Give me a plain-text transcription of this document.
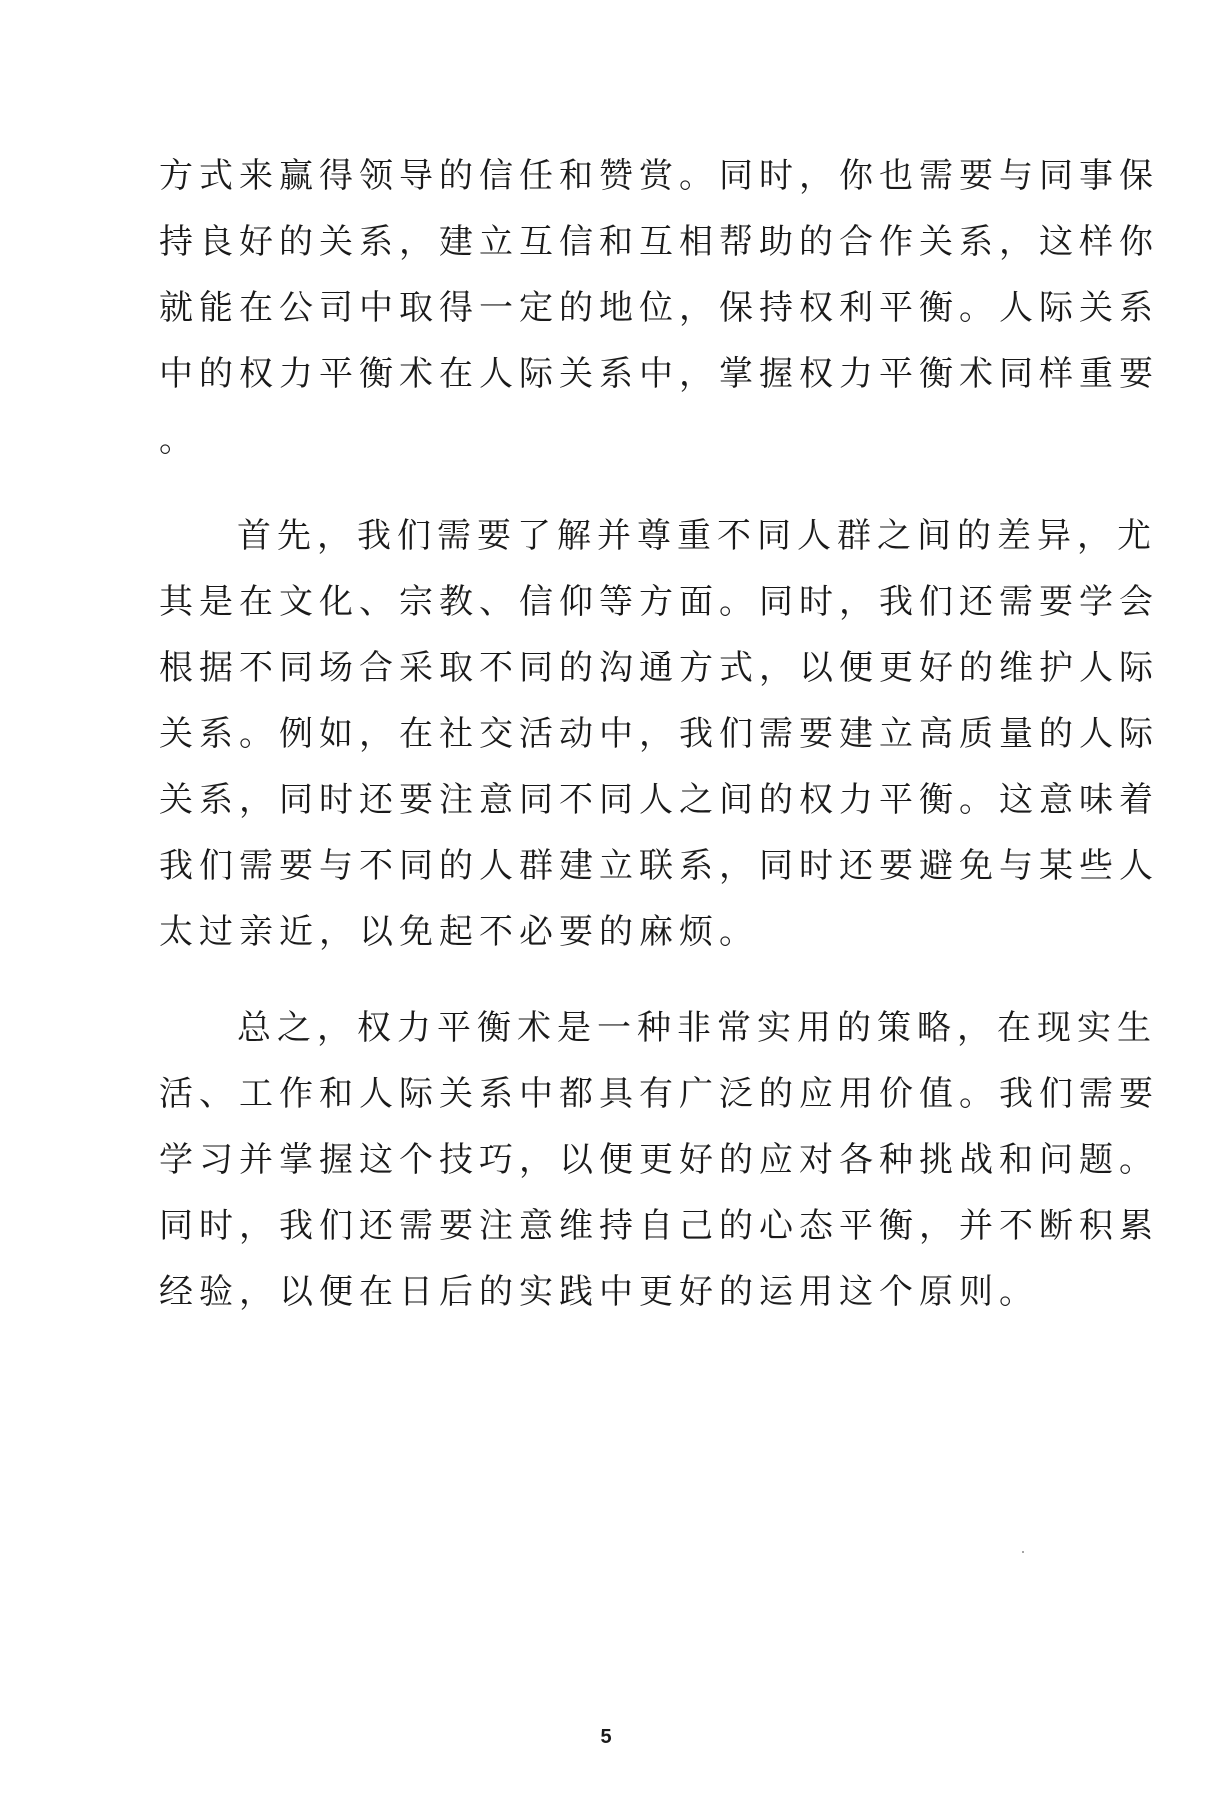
方式来赢得领导的信任和赞赏。同时，你也需要与同事保
持良好的关系，建立互信和互相帮助的合作关系，这样你
就能在公司中取得一定的地位，保持权利平衡。人际关系
中的权力平衡术在人际关系中，掌握权力平衡术同样重要
。
首先，我们需要了解并尊重不同人群之间的差异，尤
其是在文化、宗教、信仰等方面。同时，我们还需要学会
根据不同场合采取不同的沟通方式，以便更好的维护人际
关系。例如，在社交活动中，我们需要建立高质量的人际
关系，同时还要注意同不同人之间的权力平衡。这意味着
我们需要与不同的人群建立联系，同时还要避免与某些人
太过亲近，以免起不必要的麻烦。
总之，权力平衡术是一种非常实用的策略，在现实生
活、工作和人际关系中都具有广泛的应用价值。我们需要
学习并掌握这个技巧，以便更好的应对各种挑战和问题。
同时，我们还需要注意维持自己的心态平衡，并不断积累
经验，以便在日后的实践中更好的运用这个原则。
5
